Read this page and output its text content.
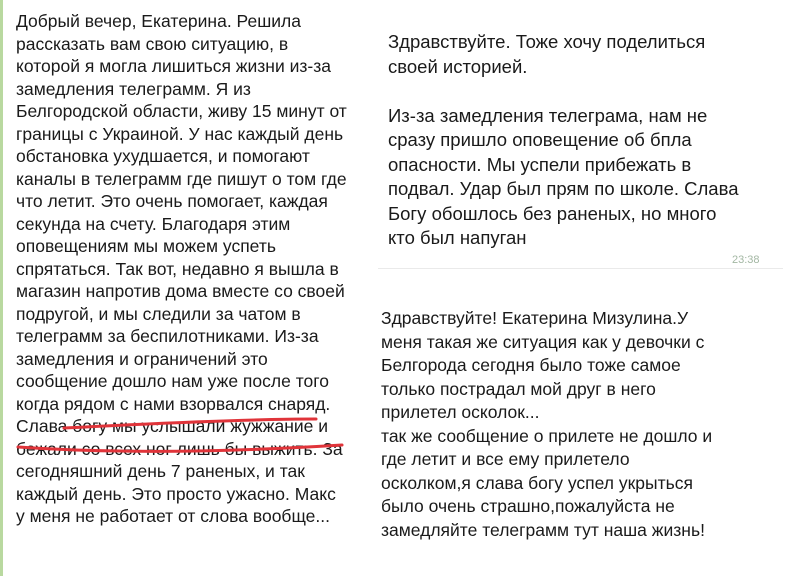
Добрый вечер, Екатерина. Решила
рассказать вам свою ситуацию, в
которой я могла лишиться жизни из-за
замедления телеграмм. Я из
Белгородской области, живу 15 минут от
границы с Украиной. У нас каждый день
обстановка ухудшается, и помогают
каналы в телеграмм где пишут о том где
что летит. Это очень помогает, каждая
секунда на счету. Благодаря этим
оповещениям мы можем успеть
спрятаться. Так вот, недавно я вышла в
магазин напротив дома вместе со своей
подругой, и мы следили за чатом в
телеграмм за беспилотниками. Из-за
замедления и ограничений это
сообщение дошло нам уже после того
когда рядом с нами взорвался снаряд.
Слава богу мы услышали жужжание и
бежали со всех ног лишь бы выжить. За
сегодняшний день 7 раненых, и так
каждый день. Это просто ужасно. Макс
у меня не работает от слова вообще...
Здравствуйте. Тоже хочу поделиться
своей историей.

Из-за замедления телеграма, нам не
сразу пришло оповещение об бпла
опасности. Мы успели прибежать в
подвал. Удар был прям по школе. Слава
Богу обошлось без раненых, но много
кто был напуган
23:38
Здравствуйте! Екатерина Мизулина.У
меня такая же ситуация как у девочки с
Белгорода сегодня было тоже самое
только пострадал мой друг в него
прилетел осколок...
так же сообщение о прилете не дошло и
где летит и все ему прилетело
осколком,я слава богу успел укрыться
было очень страшно,пожалуйста не
замедляйте телеграмм тут наша жизнь!
